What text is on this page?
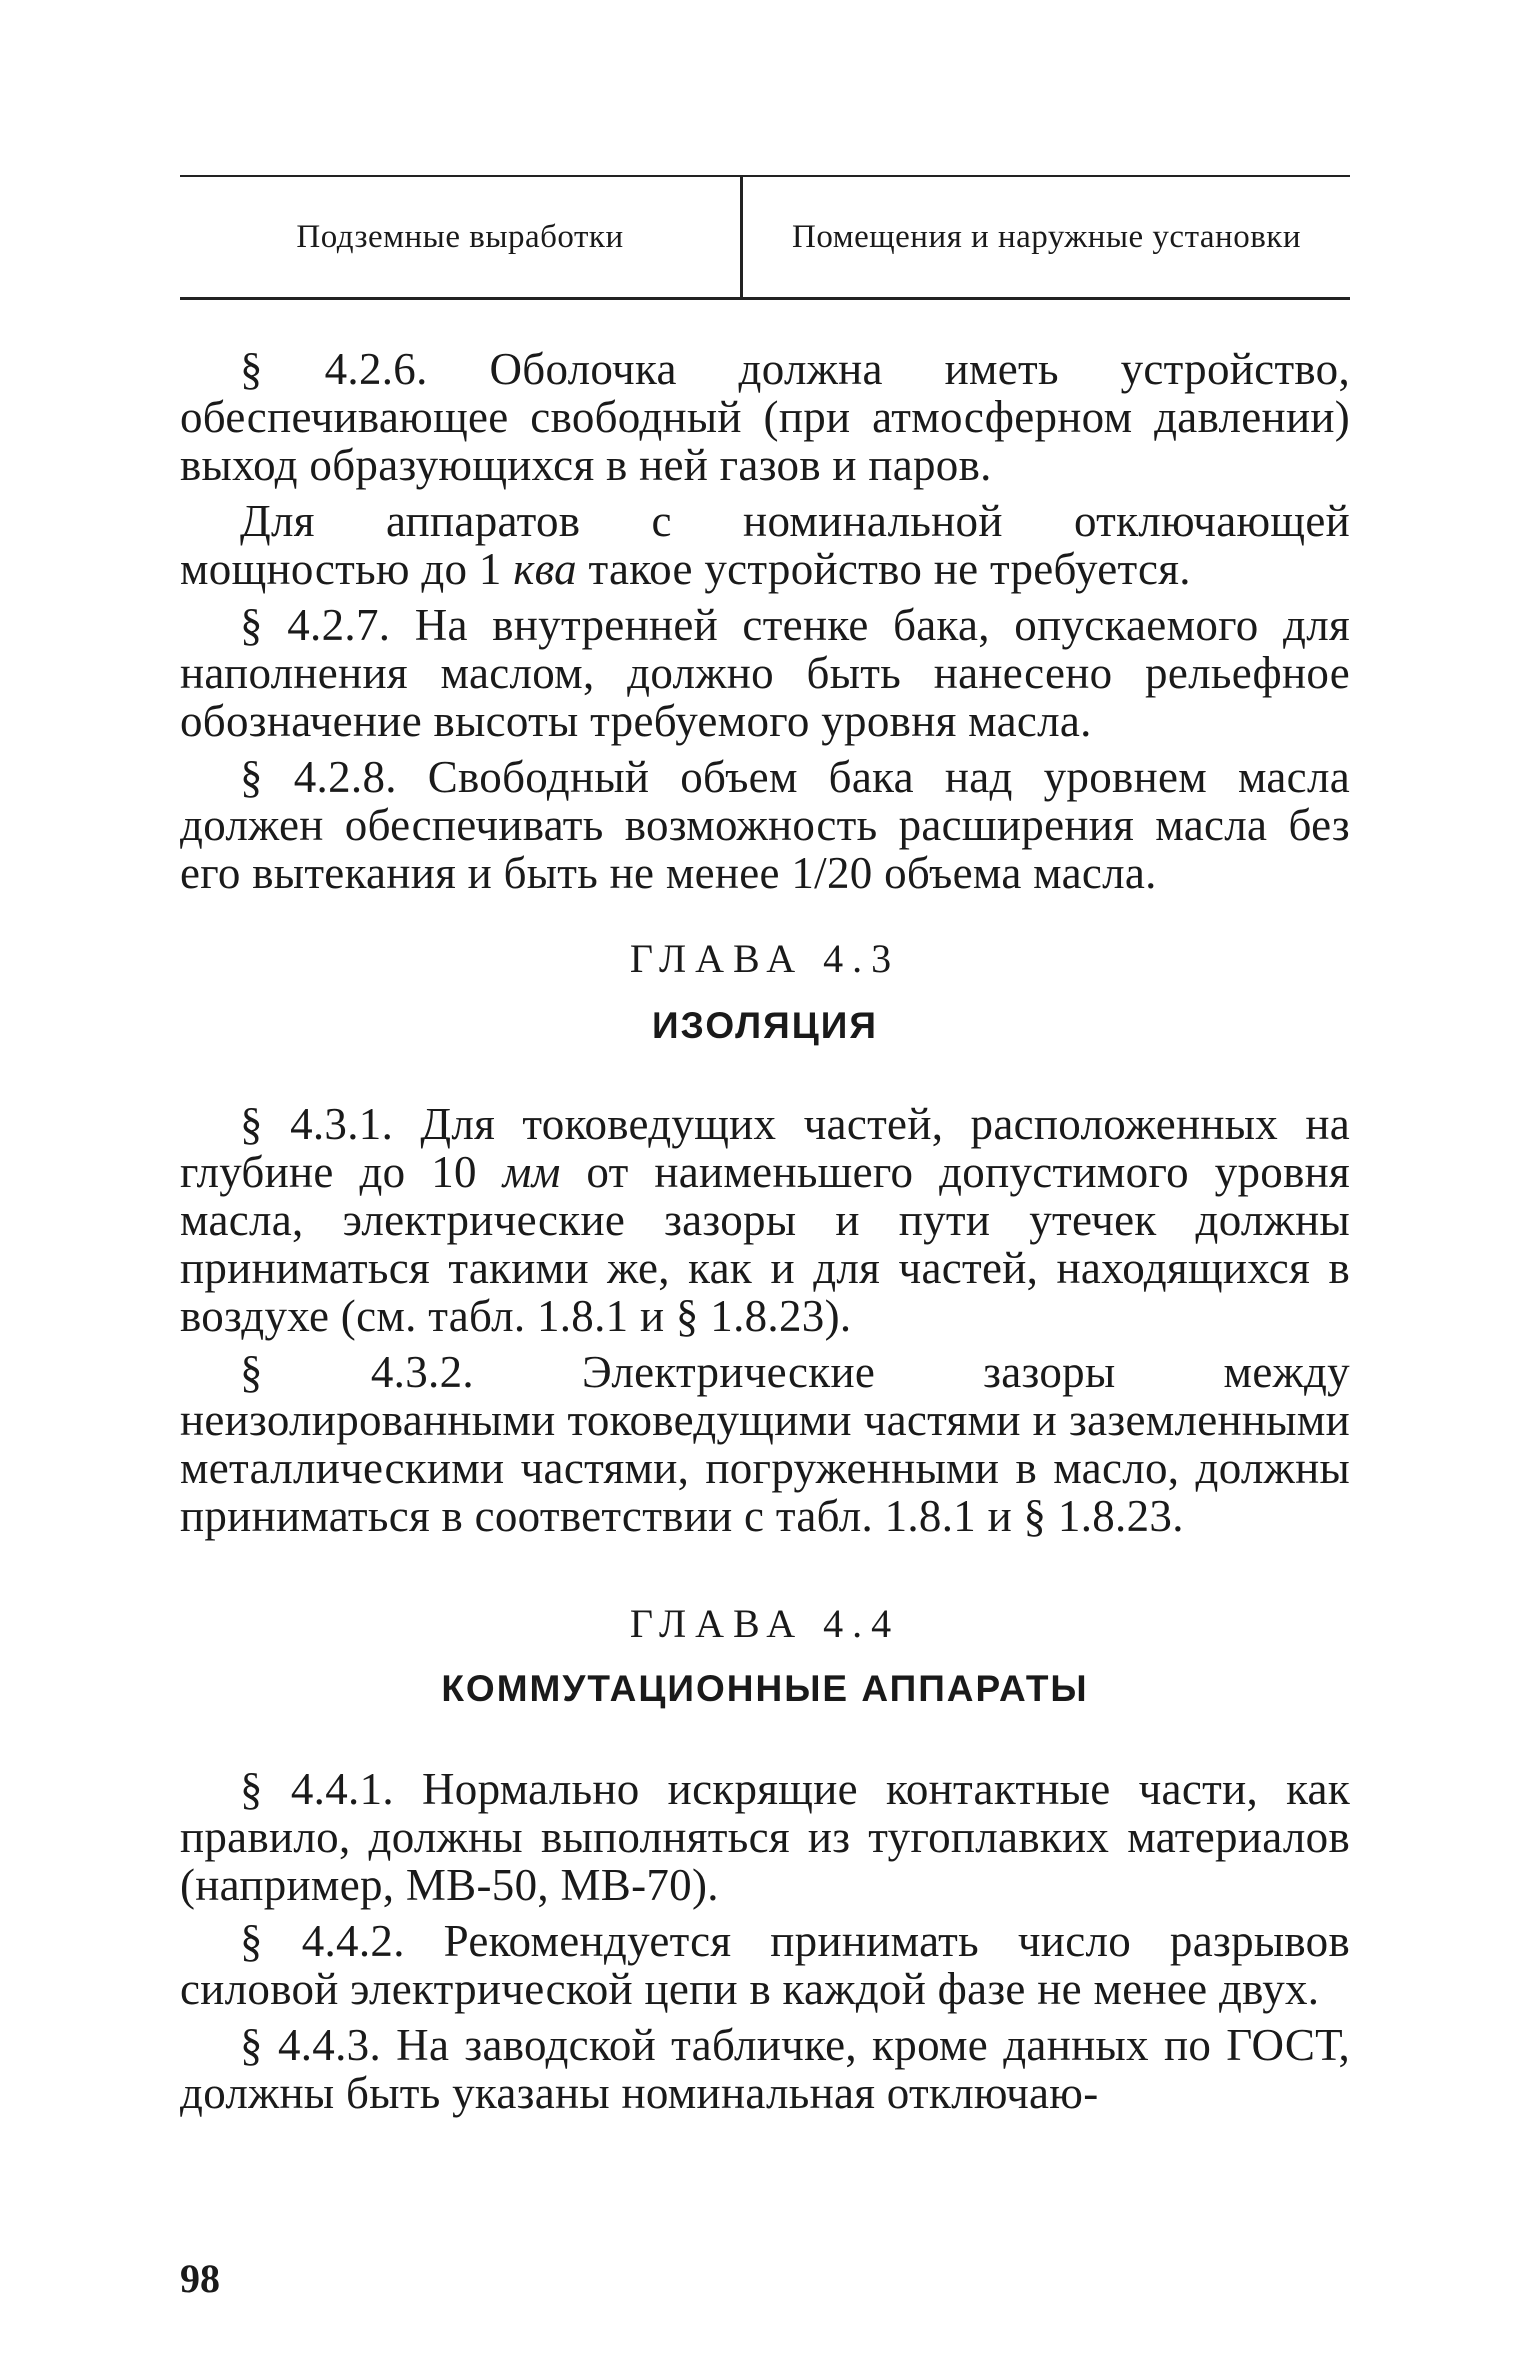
Подземные выработки	Помещения и наружные установки

§ 4.2.6. Оболочка должна иметь устройство, обеспечивающее свободный (при атмосферном давлении) выход образующихся в ней газов и паров.

Для аппаратов с номинальной отключающей мощностью до 1 ква такое устройство не требуется.

§ 4.2.7. На внутренней стенке бака, опускаемого для наполнения маслом, должно быть нанесено рельефное обозначение высоты требуемого уровня масла.

§ 4.2.8. Свободный объем бака над уровнем масла должен обеспечивать возможность расширения масла без его вытекания и быть не менее 1/20 объема масла.

ГЛАВА 4.3
ИЗОЛЯЦИЯ

§ 4.3.1. Для токоведущих частей, расположенных на глубине до 10 мм от наименьшего допустимого уровня масла, электрические зазоры и пути утечек должны приниматься такими же, как и для частей, находящихся в воздухе (см. табл. 1.8.1 и § 1.8.23).

§ 4.3.2. Электрические зазоры между неизолированными токоведущими частями и заземленными металлическими частями, погруженными в масло, должны приниматься в соответствии с табл. 1.8.1 и § 1.8.23.

ГЛАВА 4.4
КОММУТАЦИОННЫЕ АППАРАТЫ

§ 4.4.1. Нормально искрящие контактные части, как правило, должны выполняться из тугоплавких материалов (например, МВ-50, МВ-70).

§ 4.4.2. Рекомендуется принимать число разрывов силовой электрической цепи в каждой фазе не менее двух.

§ 4.4.3. На заводской табличке, кроме данных по ГОСТ, должны быть указаны номинальная отключаю-

98
